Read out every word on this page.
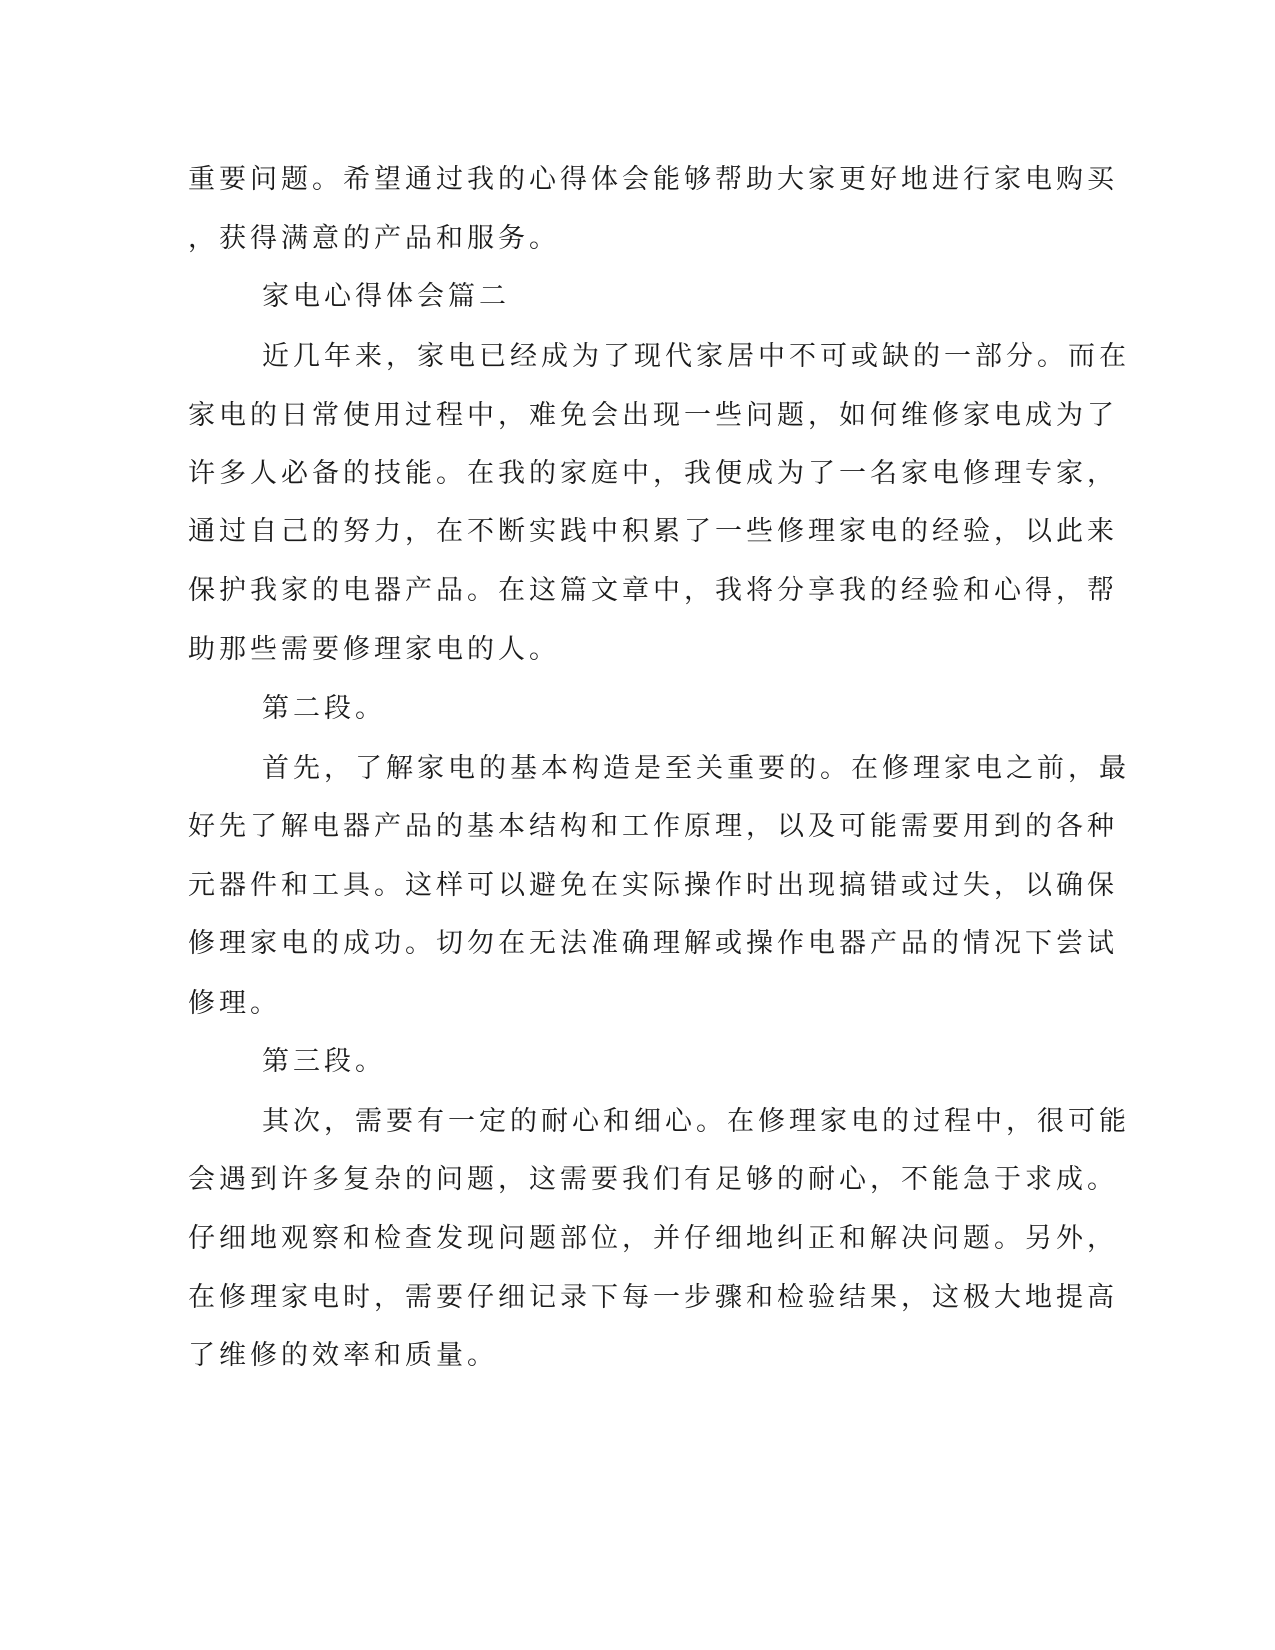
重要问题。希望通过我的心得体会能够帮助大家更好地进行家电购买
，获得满意的产品和服务。
家电心得体会篇二
近几年来，家电已经成为了现代家居中不可或缺的一部分。而在
家电的日常使用过程中，难免会出现一些问题，如何维修家电成为了
许多人必备的技能。在我的家庭中，我便成为了一名家电修理专家，
通过自己的努力，在不断实践中积累了一些修理家电的经验，以此来
保护我家的电器产品。在这篇文章中，我将分享我的经验和心得，帮
助那些需要修理家电的人。
第二段。
首先，了解家电的基本构造是至关重要的。在修理家电之前，最
好先了解电器产品的基本结构和工作原理，以及可能需要用到的各种
元器件和工具。这样可以避免在实际操作时出现搞错或过失，以确保
修理家电的成功。切勿在无法准确理解或操作电器产品的情况下尝试
修理。
第三段。
其次，需要有一定的耐心和细心。在修理家电的过程中，很可能
会遇到许多复杂的问题，这需要我们有足够的耐心，不能急于求成。
仔细地观察和检查发现问题部位，并仔细地纠正和解决问题。另外，
在修理家电时，需要仔细记录下每一步骤和检验结果，这极大地提高
了维修的效率和质量。
